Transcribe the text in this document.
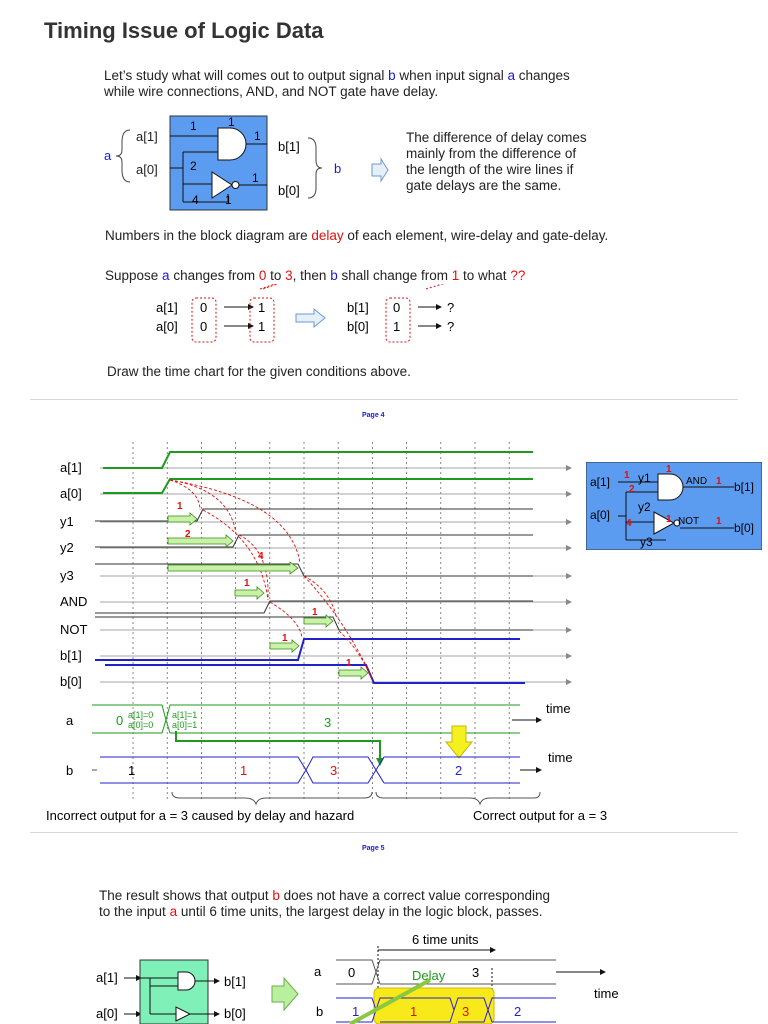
Timing Issue of Logic Data
Let’s study what will comes out to output signal b when input signal a changes
while wire connections, AND, and NOT gate have delay.
a
a[1]
a[0]
1	1
1
2
1
4 1
b[1]
b[0]
b
The difference of delay comes
mainly from the difference of
the length of the wire lines if
gate delays are the same.
Numbers in the block diagram are delay of each element, wire-delay and gate-delay.
Suppose a changes from 0 to 3, then b shall change from 1 to what ??
a[1]
a[0]
0
0
1
1
b[1]
b[0]
0
1
?
?
Draw the time chart for the given conditions above.
Page 4
a[1]
a[0]
y1
y2
y3
AND
NOT
b[1]
b[0]
1
2
4
1
1
1
1
a	0 a[1]=0
a[0]=0
a[1]=1
a[0]=1	3
time
b	1	1	3	2
time
Incorrect output for a = 3 caused by delay and hazard	Correct output for a = 3
a[1]
a[0]
y1
y2
y3
AND
NOT
b[1]
b[0]
1
1
2
4	1
1
1
Page 5
The result shows that output b does not have a correct value corresponding
to the input a until 6 time units, the largest delay in the logic block, passes.
a[1]
a[0]
b[1]
b[0]
6 time units
a 0	3
time
b 1	1	3	2
Delay
